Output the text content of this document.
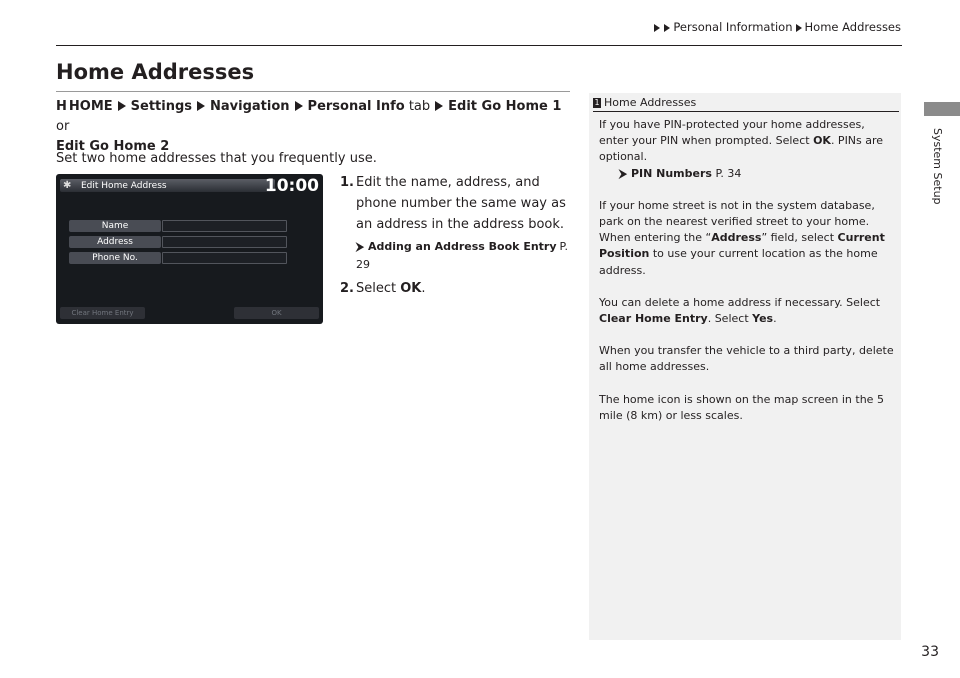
Personal Information Home Addresses
Home Addresses
H HOME Settings Navigation Personal Info tab Edit Go Home 1 or
Edit Go Home 2
Set two home addresses that you frequently use.
✱ Edit Home Address	10:00
Name
Address
Phone No.
Clear Home Entry	OK
1. Edit the name, address, and phone number the same way as an address in the address book.
⮞ Adding an Address Book Entry P. 29
2. Select OK.
1 Home Addresses

If you have PIN-protected your home addresses, enter your PIN when prompted. Select OK. PINs are optional.
⮞ PIN Numbers P. 34

If your home street is not in the system database, park on the nearest verified street to your home. When entering the “Address” field, select Current Position to use your current location as the home address.

You can delete a home address if necessary. Select Clear Home Entry. Select Yes.

When you transfer the vehicle to a third party, delete all home addresses.

The home icon is shown on the map screen in the 5 mile (8 km) or less scales.

System Setup
33
